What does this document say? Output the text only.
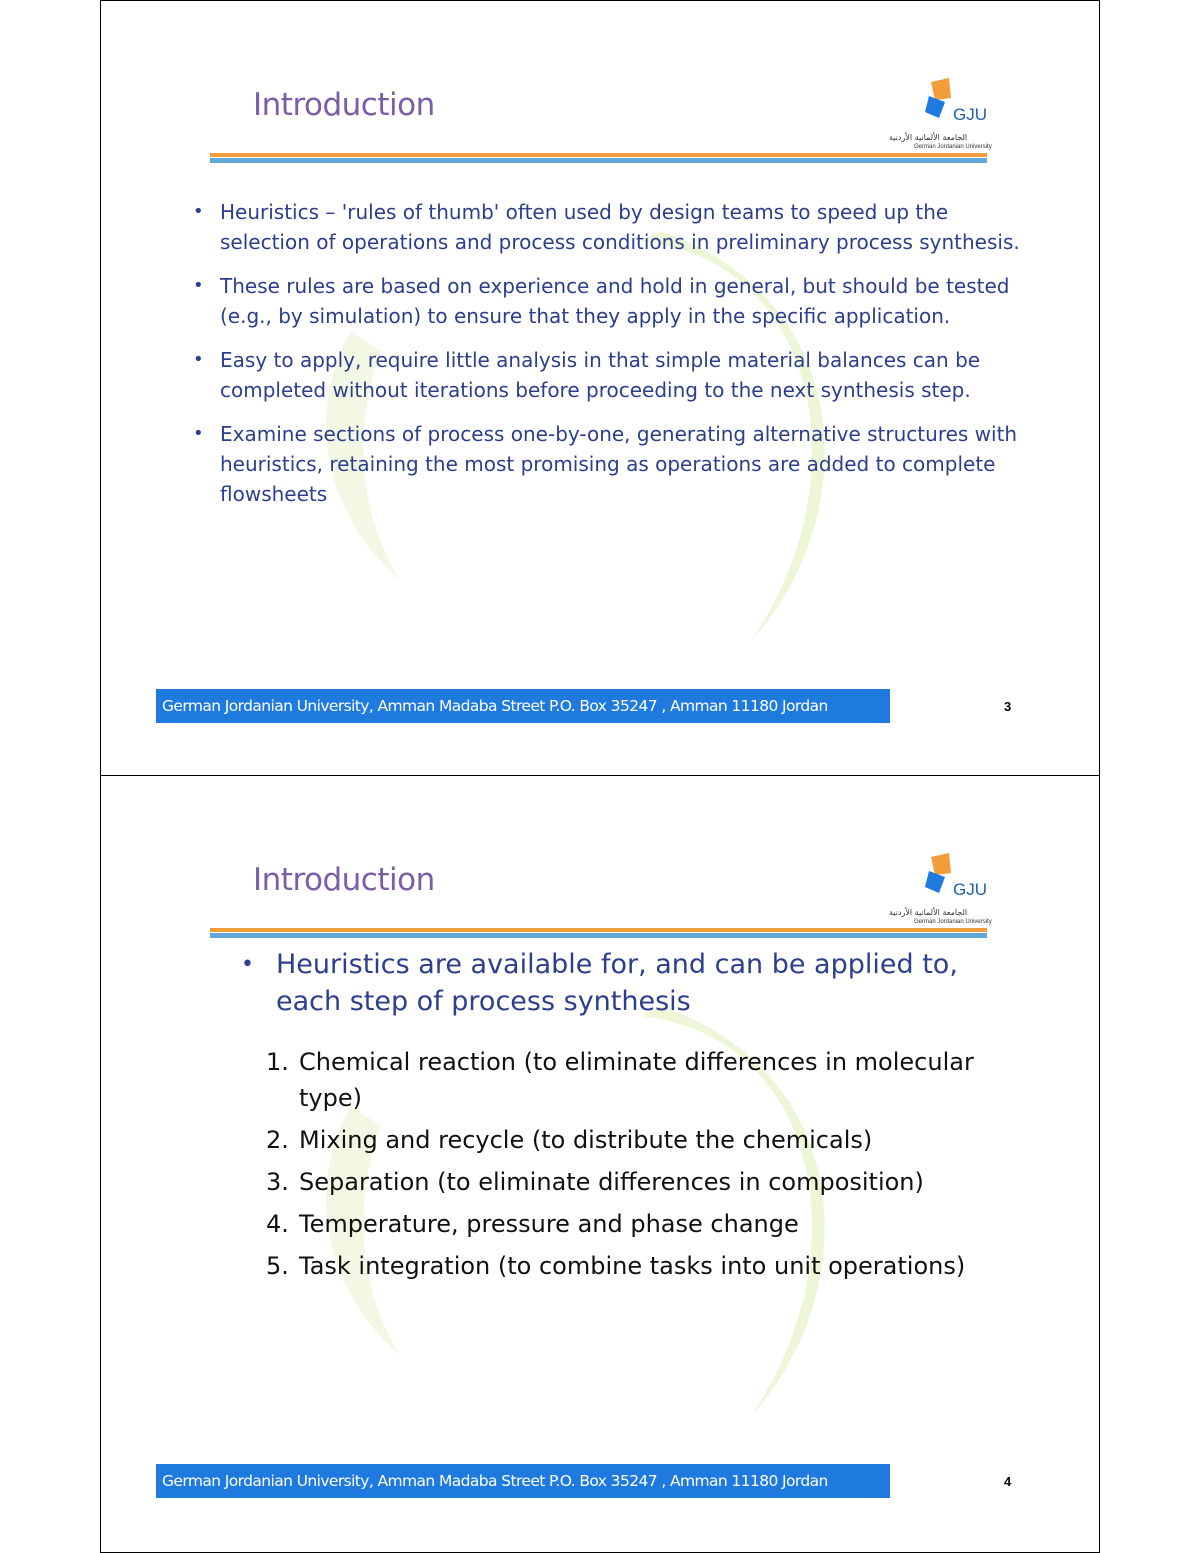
Introduction	GJU
الجامعة الألمانية الأردنية
German Jordanian University
• Heuristics – 'rules of thumb' often used by design teams to speed up the selection of operations and process conditions in preliminary process synthesis.
• These rules are based on experience and hold in general, but should be tested (e.g., by simulation) to ensure that they apply in the specific application.
• Easy to apply, require little analysis in that simple material balances can be completed without iterations before proceeding to the next synthesis step.
• Examine sections of process one-by-one, generating alternative structures with heuristics, retaining the most promising as operations are added to complete flowsheets
German Jordanian University, Amman Madaba Street P.O. Box 35247 , Amman 11180 Jordan	3
Introduction	GJU
الجامعة الألمانية الأردنية
German Jordanian University
• Heuristics are available for, and can be applied to, each step of process synthesis
1. Chemical reaction (to eliminate differences in molecular type)
2. Mixing and recycle (to distribute the chemicals)
3. Separation (to eliminate differences in composition)
4. Temperature, pressure and phase change
5. Task integration (to combine tasks into unit operations)
German Jordanian University, Amman Madaba Street P.O. Box 35247 , Amman 11180 Jordan	4
